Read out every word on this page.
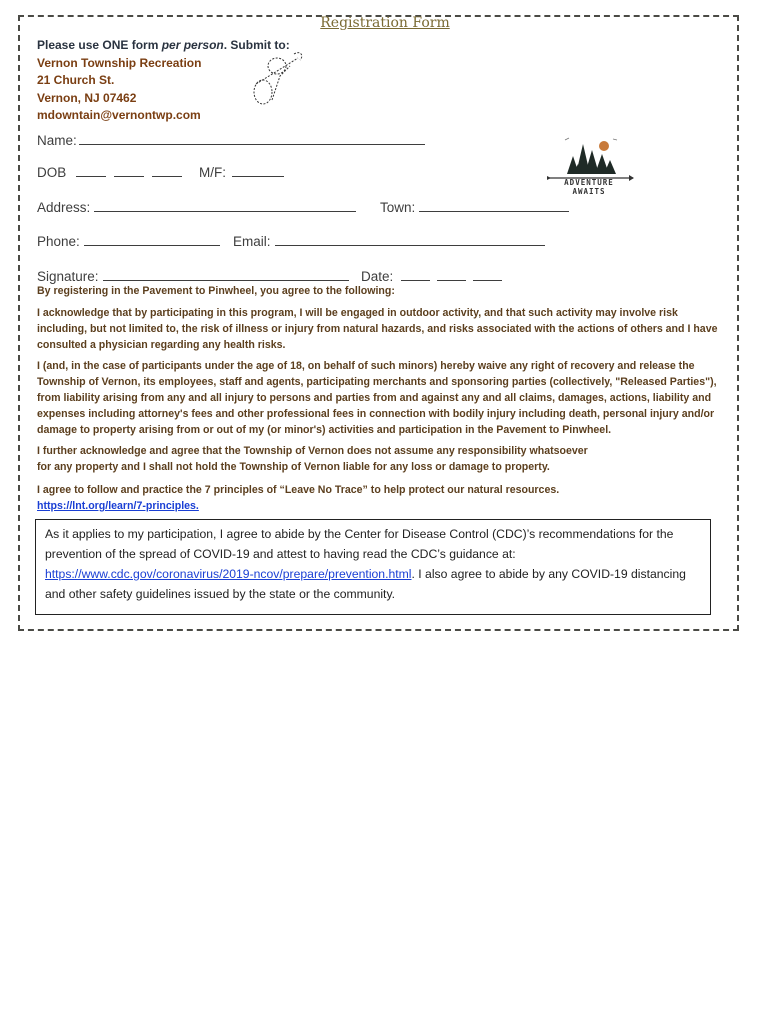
Registration Form
Please use ONE form per person. Submit to:
Vernon Township Recreation
21 Church St.
Vernon, NJ 07462
mdowntain@vernontwp.com
Name:
DOB	M/F:
Address:	Town:
Phone:	Email:
Signature:	Date:
ADVENTURE
AWAITS

By registering in the Pavement to Pinwheel, you agree to the following:

I acknowledge that by participating in this program, I will be engaged in outdoor activity, and that such activity may involve risk including, but not limited to, the risk of illness or injury from natural hazards, and risks associated with the actions of others and I have consulted a physician regarding any health risks.

I (and, in the case of participants under the age of 18, on behalf of such minors) hereby waive any right of recovery and release the Township of Vernon, its employees, staff and agents, participating merchants and sponsoring parties (collectively, "Released Parties"), from liability arising from any and all injury to persons and parties from and against any and all claims, damages, actions, liability and expenses including attorney's fees and other professional fees in connection with bodily injury including death, personal injury and/or damage to property arising from or out of my (or minor's) activities and participation in the Pavement to Pinwheel.

I further acknowledge and agree that the Township of Vernon does not assume any responsibility whatsoever

for any property and I shall not hold the Township of Vernon liable for any loss or damage to property.

I agree to follow and practice the 7 principles of “Leave No Trace” to help protect our natural resources.

https://lnt.org/learn/7-principles.

As it applies to my participation, I agree to abide by the Center for Disease Control (CDC)’s recommendations for the prevention of the spread of COVID-19 and attest to having read the CDC’s guidance at: https://www.cdc.gov/coronavirus/2019-ncov/prepare/prevention.html. I also agree to abide by any COVID-19 distancing and other safety guidelines issued by the state or the community.
